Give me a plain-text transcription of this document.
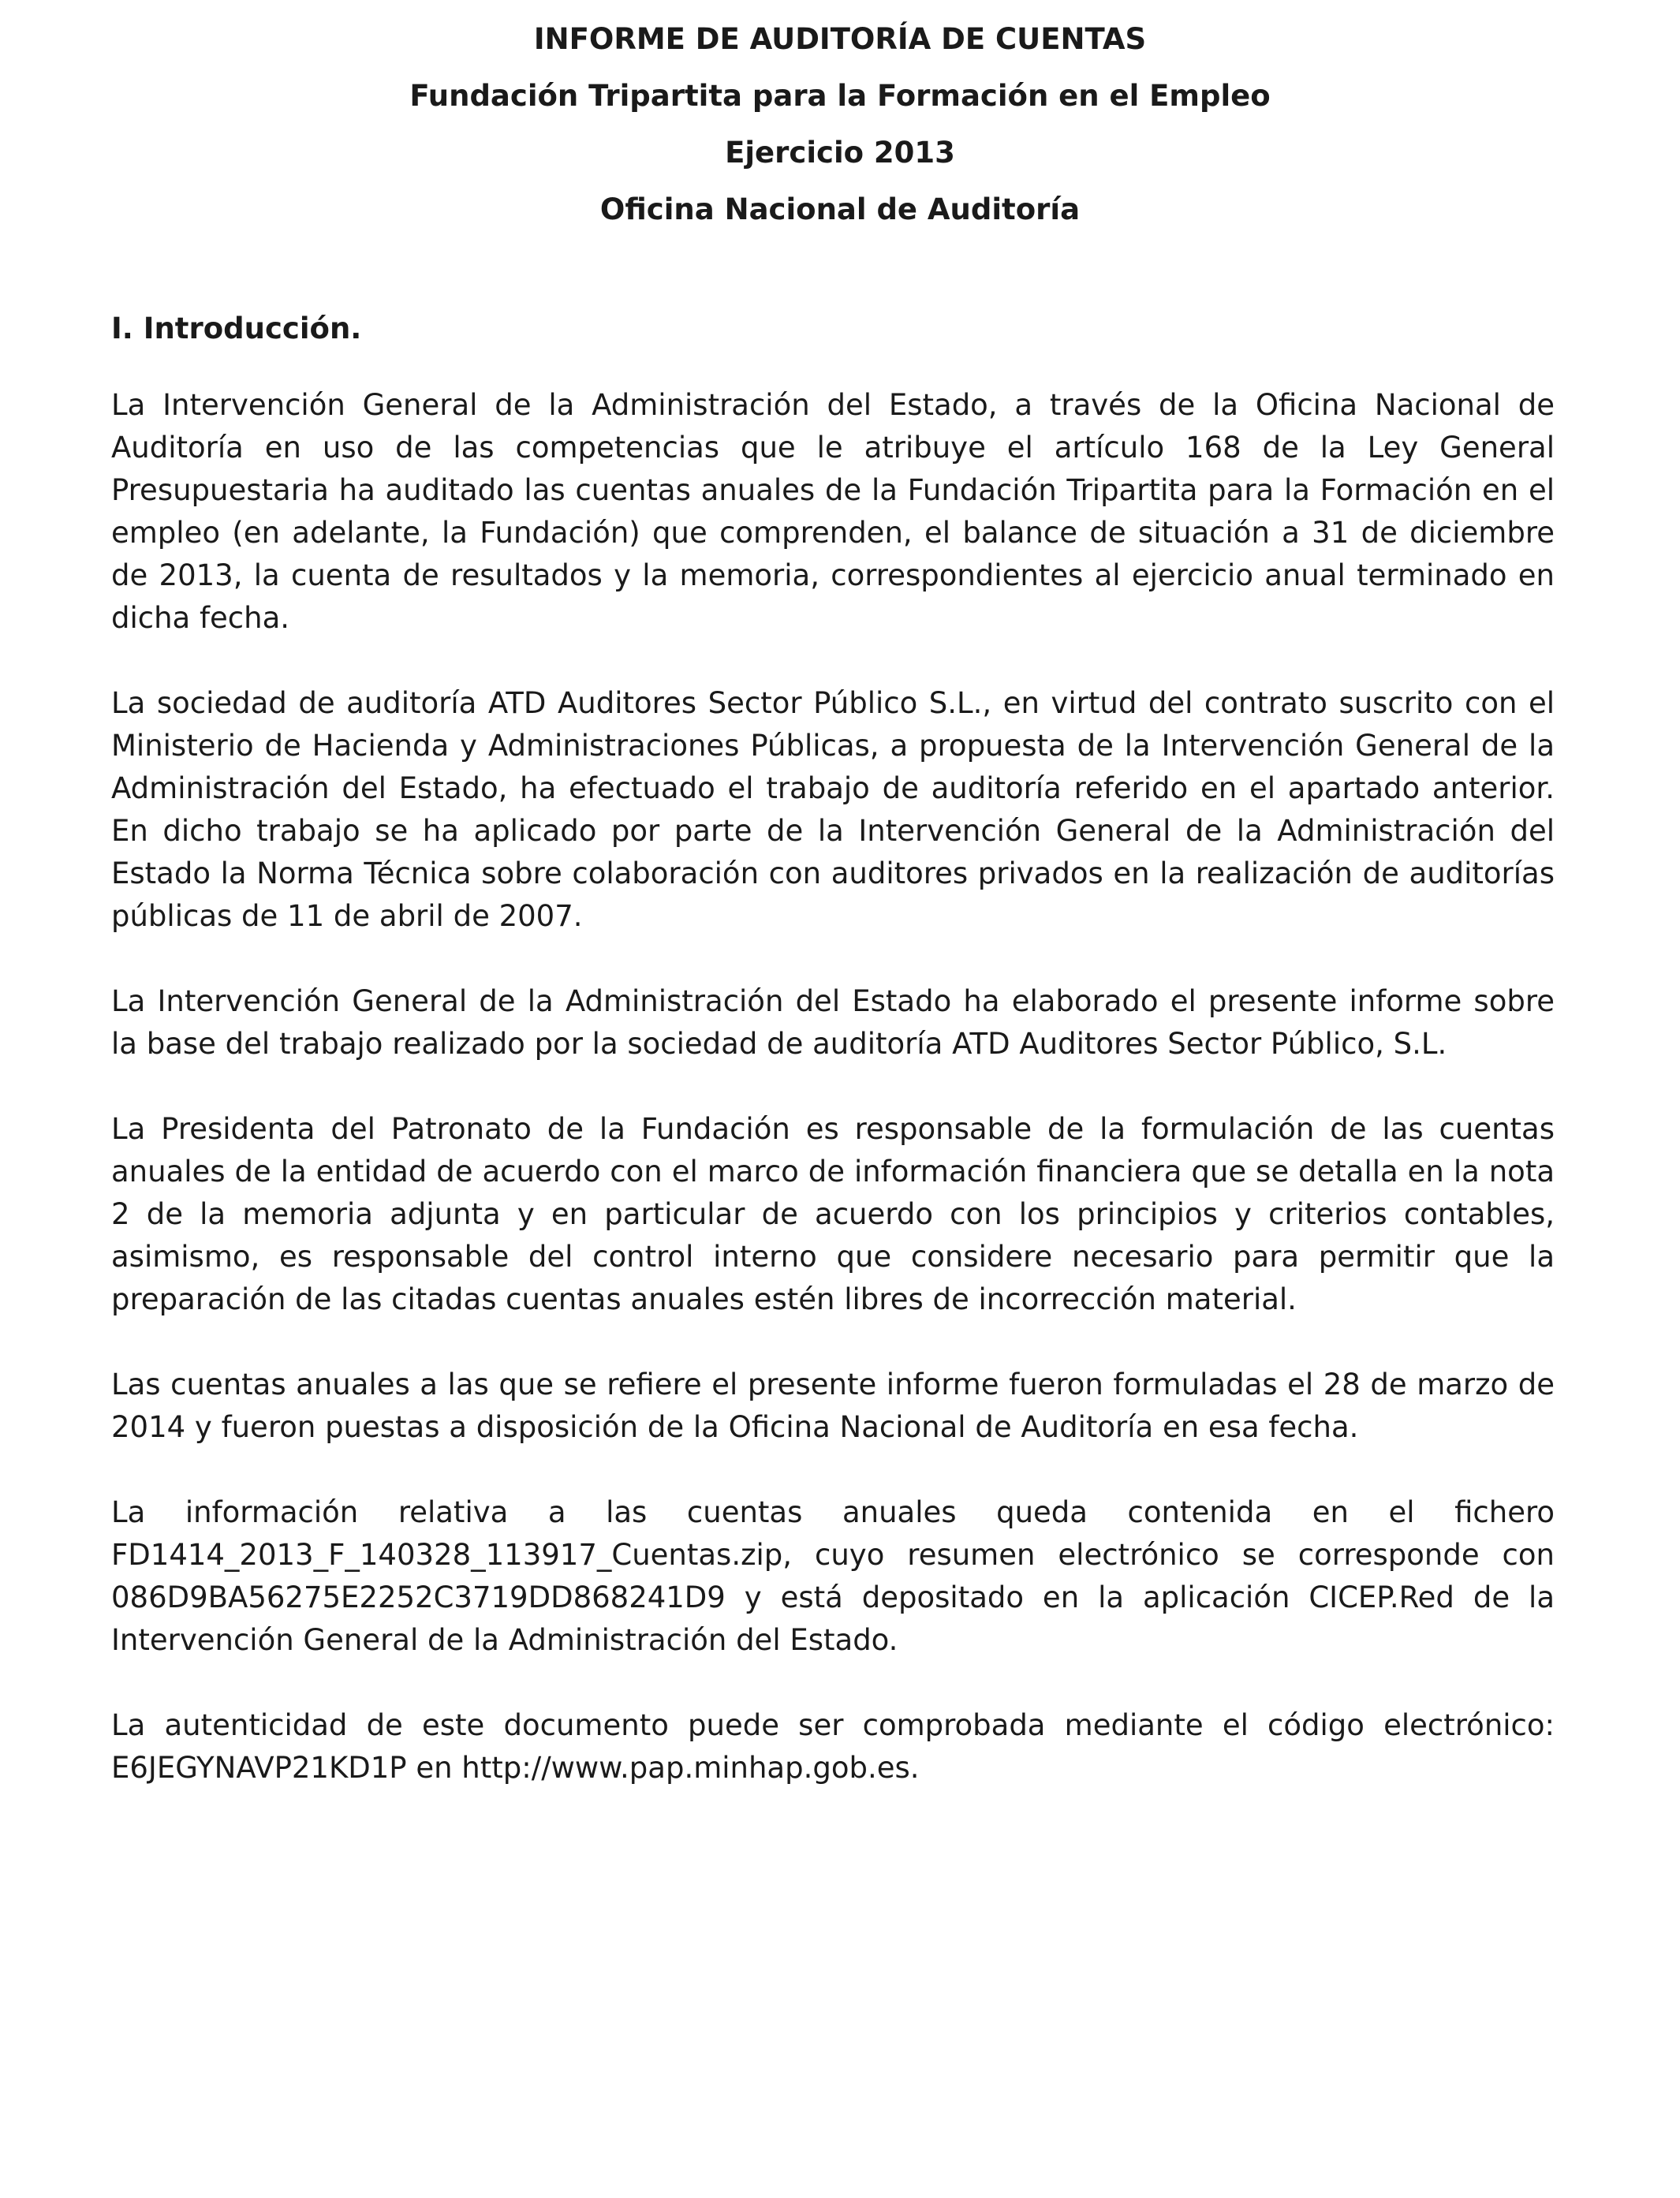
INFORME DE AUDITORÍA DE CUENTAS

Fundación Tripartita para la Formación en el Empleo

Ejercicio 2013

Oficina Nacional de Auditoría

I. Introducción.

La Intervención General de la Administración del Estado, a través de la Oficina Nacional de Auditoría en uso de las competencias que le atribuye el artículo 168 de la Ley General Presupuestaria ha auditado las cuentas anuales de la Fundación Tripartita para la Formación en el empleo (en adelante, la Fundación) que comprenden, el balance de situación a 31 de diciembre de 2013, la cuenta de resultados y la memoria, correspondientes al ejercicio anual terminado en dicha fecha.

La sociedad de auditoría ATD Auditores Sector Público S.L., en virtud del contrato suscrito con el Ministerio de Hacienda y Administraciones Públicas, a propuesta de la Intervención General de la Administración del Estado, ha efectuado el trabajo de auditoría referido en el apartado anterior. En dicho trabajo se ha aplicado por parte de la Intervención General de la Administración del Estado la Norma Técnica sobre colaboración con auditores privados en la realización de auditorías públicas de 11 de abril de 2007.

La Intervención General de la Administración del Estado ha elaborado el presente informe sobre la base del trabajo realizado por la sociedad de auditoría ATD Auditores Sector Público, S.L.

La Presidenta del Patronato de la Fundación es responsable de la formulación de las cuentas anuales de la entidad de acuerdo con el marco de información financiera que se detalla en la nota 2 de la memoria adjunta y en particular de acuerdo con los principios y criterios contables, asimismo, es responsable del control interno que considere necesario para permitir que la preparación de las citadas cuentas anuales estén libres de incorrección material.

Las cuentas anuales a las que se refiere el presente informe fueron formuladas el 28 de marzo de 2014 y fueron puestas a disposición de la Oficina Nacional de Auditoría en esa fecha.

La información relativa a las cuentas anuales queda contenida en el fichero FD1414_2013_F_140328_113917_Cuentas.zip, cuyo resumen electrónico se corresponde con 086D9BA56275E2252C3719DD868241D9 y está depositado en la aplicación CICEP.Red de la Intervención General de la Administración del Estado.

La autenticidad de este documento puede ser comprobada mediante el código electrónico: E6JEGYNAVP21KD1P en http://www.pap.minhap.gob.es.
